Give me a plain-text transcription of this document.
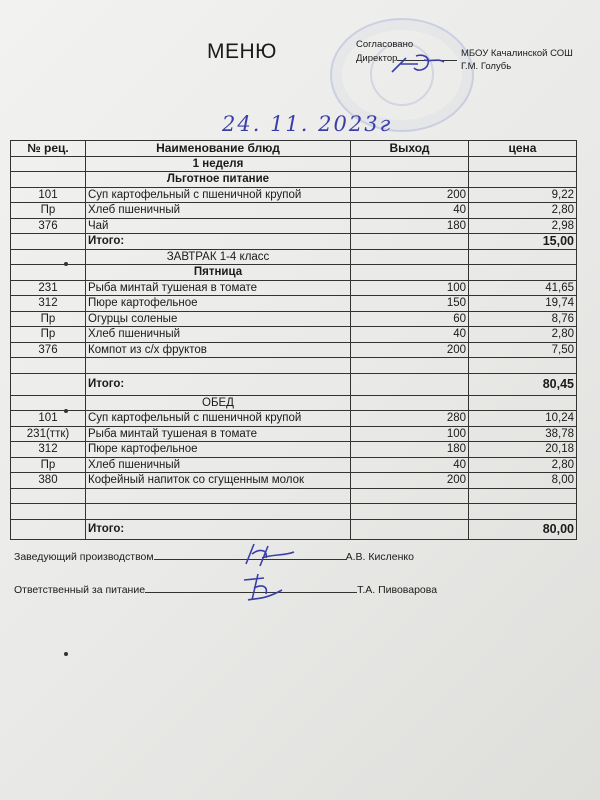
МЕНЮ	Согласовано
Директор	МБОУ Качалинской СОШ
Г.М. Голубь
24. 11. 2023г
№ рец.	Наименование блюд	Выход	цена
	1 неделя		
	Льготное питание		
101	Суп картофельный с пшеничной крупой	200	9,22
Пр	Хлеб пшеничный	40	2,80
376	Чай	180	2,98
	Итого:		15,00
	ЗАВТРАК 1-4 класс		
	Пятница		
231	Рыба минтай тушеная в томате	100	41,65
312	Пюре картофельное	150	19,74
Пр	Огурцы соленые	60	8,76
Пр	Хлеб пшеничный	40	2,80
376	Компот из с/х фруктов	200	7,50

	Итого:		80,45
	ОБЕД		
101	Суп картофельный с пшеничной крупой	280	10,24
231(ттк)	Рыба минтай тушеная в томате	100	38,78
312	Пюре картофельное	180	20,18
Пр	Хлеб пшеничный	40	2,80
380	Кофейный напиток со сгущенным молок	200	8,00

	Итого:		80,00
Заведующий производством	А.В. Кисленко
Ответственный за питание	Т.А. Пивоварова
